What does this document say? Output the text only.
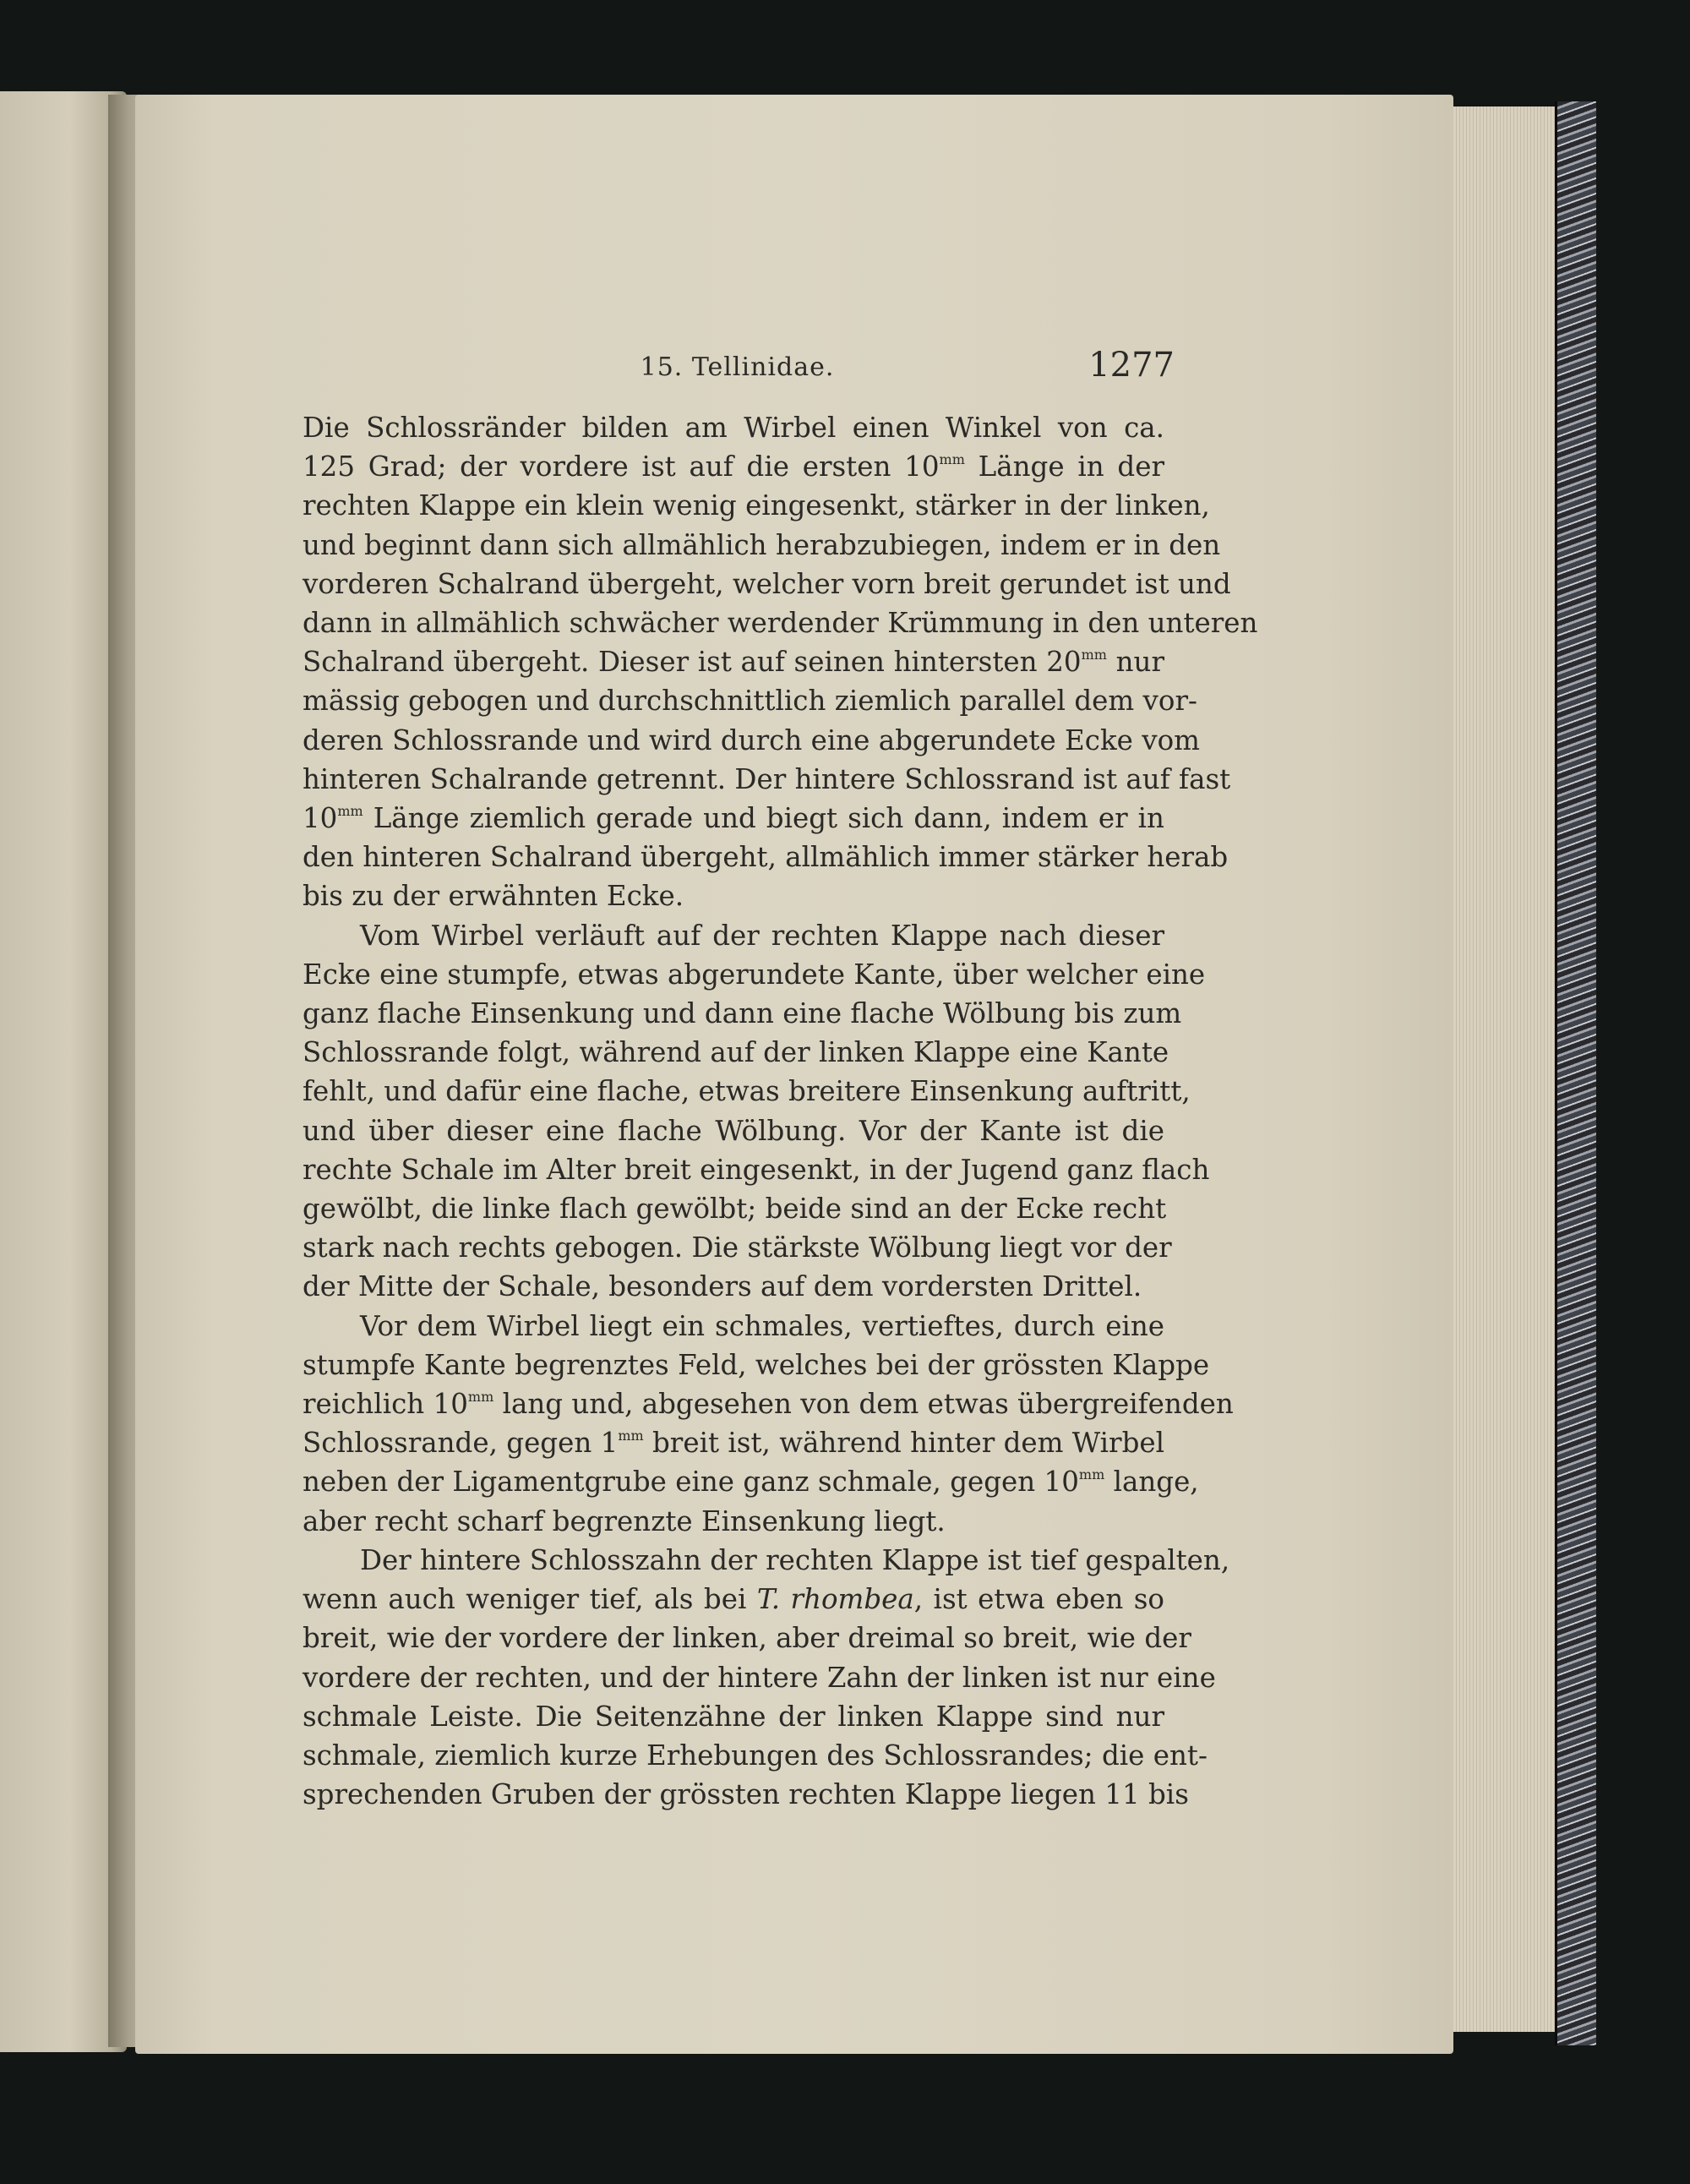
15. Tellinidae.	1277

Die Schlossränder bilden am Wirbel einen Winkel von ca.
125 Grad; der vordere ist auf die ersten $10^{mm}$ Länge in der
rechten Klappe ein klein wenig eingesenkt, stärker in der linken,
und beginnt dann sich allmählich herabzubiegen, indem er in den
vorderen Schalrand übergeht, welcher vorn breit gerundet ist und
dann in allmählich schwächer werdender Krümmung in den unteren
Schalrand übergeht. Dieser ist auf seinen hintersten $20^{mm}$ nur
mässig gebogen und durchschnittlich ziemlich parallel dem vor-
deren Schlossrande und wird durch eine abgerundete Ecke vom
hinteren Schalrande getrennt. Der hintere Schlossrand ist auf fast
$10^{mm}$ Länge ziemlich gerade und biegt sich dann, indem er in
den hinteren Schalrand übergeht, allmählich immer stärker herab
bis zu der erwähnten Ecke.

Vom Wirbel verläuft auf der rechten Klappe nach dieser
Ecke eine stumpfe, etwas abgerundete Kante, über welcher eine
ganz flache Einsenkung und dann eine flache Wölbung bis zum
Schlossrande folgt, während auf der linken Klappe eine Kante
fehlt, und dafür eine flache, etwas breitere Einsenkung auftritt,
und über dieser eine flache Wölbung. Vor der Kante ist die
rechte Schale im Alter breit eingesenkt, in der Jugend ganz flach
gewölbt, die linke flach gewölbt; beide sind an der Ecke recht
stark nach rechts gebogen. Die stärkste Wölbung liegt vor der
der Mitte der Schale, besonders auf dem vordersten Drittel.

Vor dem Wirbel liegt ein schmales, vertieftes, durch eine
stumpfe Kante begrenztes Feld, welches bei der grössten Klappe
reichlich $10^{mm}$ lang und, abgesehen von dem etwas übergreifenden
Schlossrande, gegen $1^{mm}$ breit ist, während hinter dem Wirbel
neben der Ligamentgrube eine ganz schmale, gegen $10^{mm}$ lange,
aber recht scharf begrenzte Einsenkung liegt.

Der hintere Schlosszahn der rechten Klappe ist tief gespalten,
wenn auch weniger tief, als bei T. rhombea, ist etwa eben so
breit, wie der vordere der linken, aber dreimal so breit, wie der
vordere der rechten, und der hintere Zahn der linken ist nur eine
schmale Leiste. Die Seitenzähne der linken Klappe sind nur
schmale, ziemlich kurze Erhebungen des Schlossrandes; die ent-
sprechenden Gruben der grössten rechten Klappe liegen 11 bis
